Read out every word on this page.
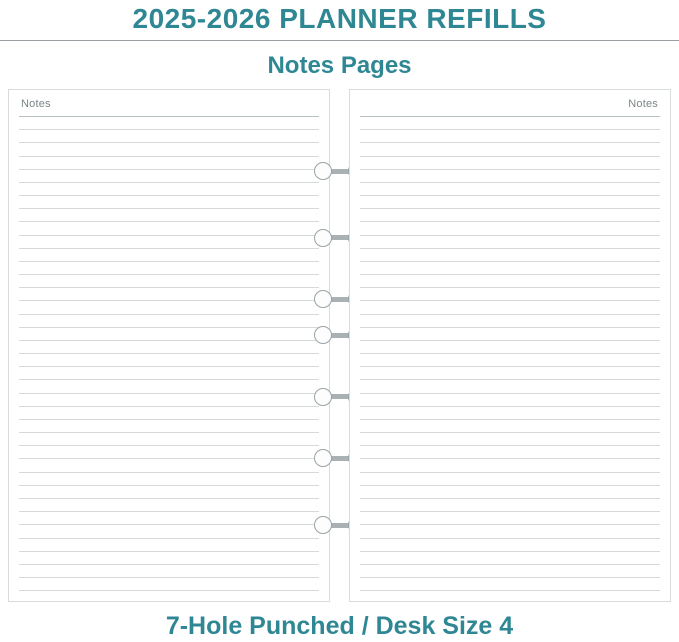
2025-2026 PLANNER REFILLS
Notes Pages
Notes	Notes
7-Hole Punched / Desk Size 4
